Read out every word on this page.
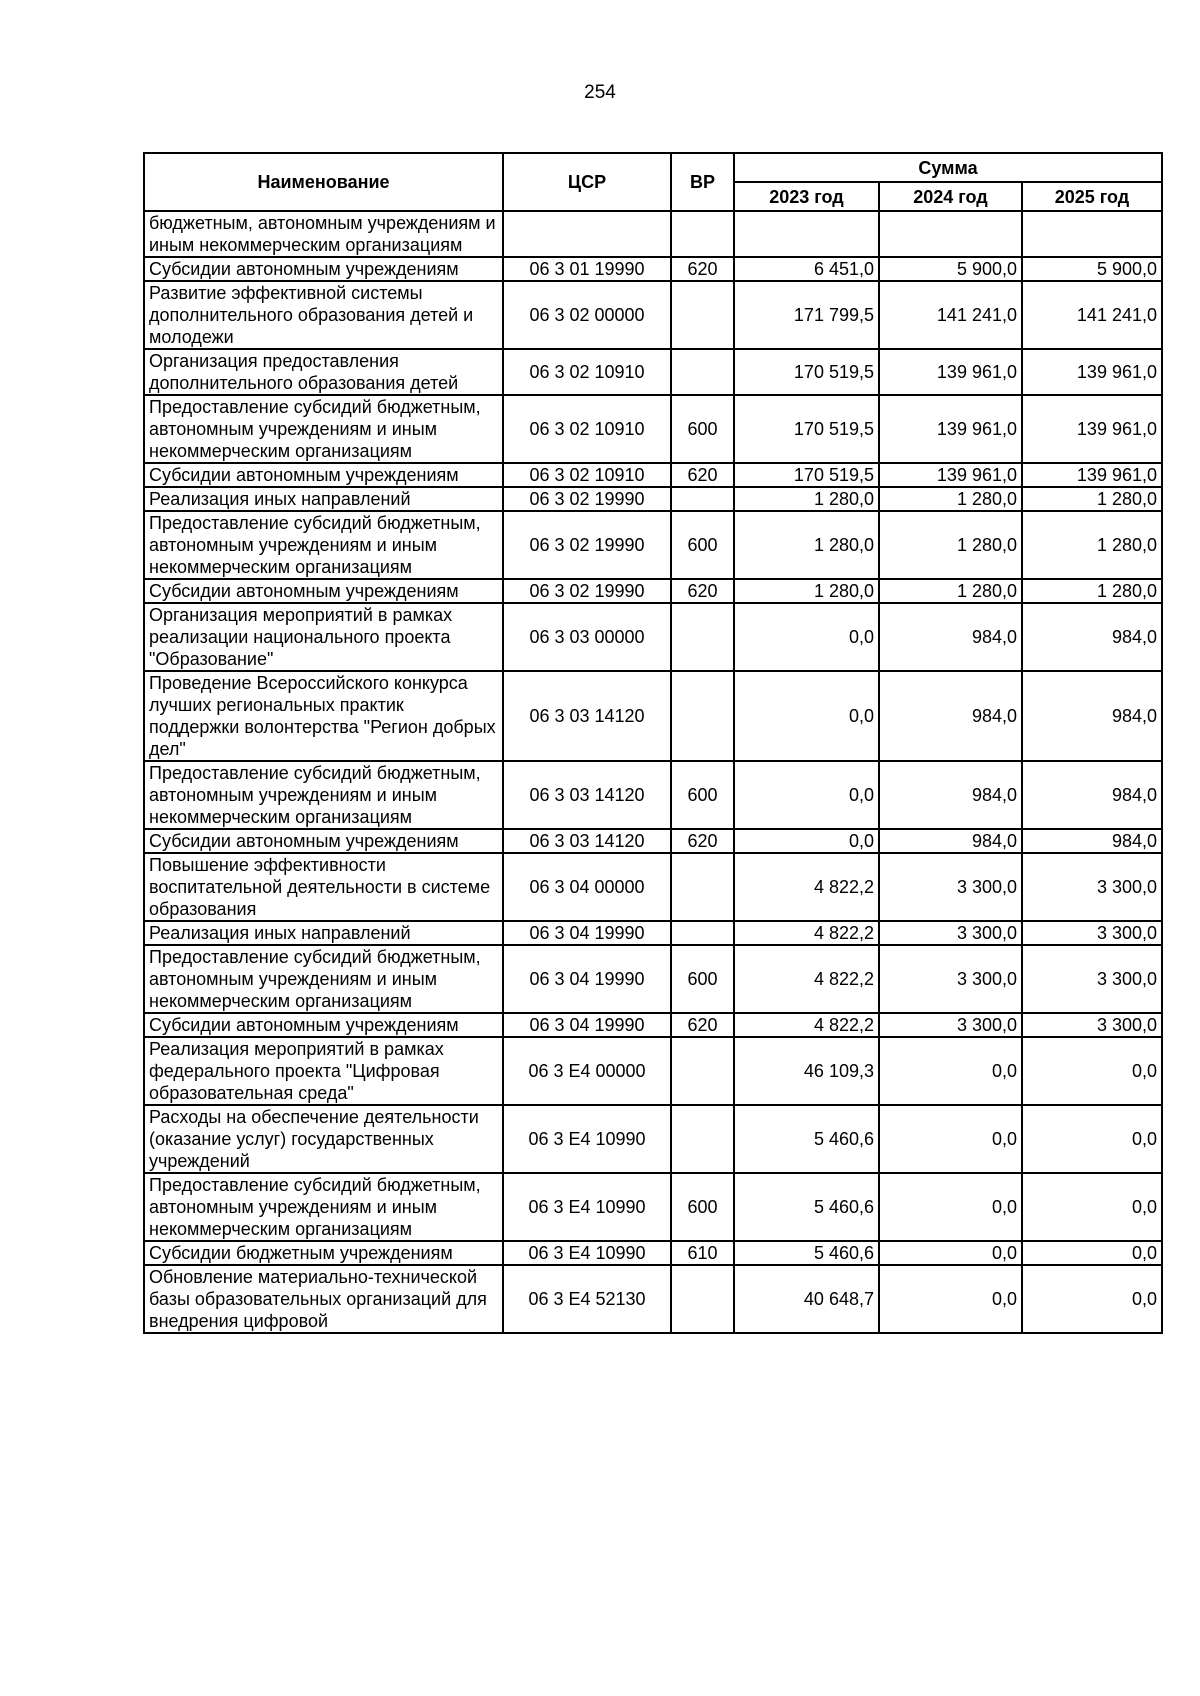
254
Наименование	ЦСР	ВР	Сумма		
			2023 год	2024 год	2025 год
бюджетным, автономным учреждениям и иным некоммерческим организациям					
Субсидии автономным учреждениям	06 3 01 19990	620	6 451,0	5 900,0	5 900,0
Развитие эффективной системы дополнительного образования детей и молодежи	06 3 02 00000		171 799,5	141 241,0	141 241,0
Организация предоставления дополнительного образования детей	06 3 02 10910		170 519,5	139 961,0	139 961,0
Предоставление субсидий бюджетным, автономным учреждениям и иным некоммерческим организациям	06 3 02 10910	600	170 519,5	139 961,0	139 961,0
Субсидии автономным учреждениям	06 3 02 10910	620	170 519,5	139 961,0	139 961,0
Реализация иных направлений	06 3 02 19990		1 280,0	1 280,0	1 280,0
Предоставление субсидий бюджетным, автономным учреждениям и иным некоммерческим организациям	06 3 02 19990	600	1 280,0	1 280,0	1 280,0
Субсидии автономным учреждениям	06 3 02 19990	620	1 280,0	1 280,0	1 280,0
Организация мероприятий в рамках реализации национального проекта "Образование"	06 3 03 00000		0,0	984,0	984,0
Проведение Всероссийского конкурса лучших региональных практик поддержки волонтерства "Регион добрых дел"	06 3 03 14120		0,0	984,0	984,0
Предоставление субсидий бюджетным, автономным учреждениям и иным некоммерческим организациям	06 3 03 14120	600	0,0	984,0	984,0
Субсидии автономным учреждениям	06 3 03 14120	620	0,0	984,0	984,0
Повышение эффективности воспитательной деятельности в системе образования	06 3 04 00000		4 822,2	3 300,0	3 300,0
Реализация иных направлений	06 3 04 19990		4 822,2	3 300,0	3 300,0
Предоставление субсидий бюджетным, автономным учреждениям и иным некоммерческим организациям	06 3 04 19990	600	4 822,2	3 300,0	3 300,0
Субсидии автономным учреждениям	06 3 04 19990	620	4 822,2	3 300,0	3 300,0
Реализация мероприятий в рамках федерального проекта "Цифровая образовательная среда"	06 3 E4 00000		46 109,3	0,0	0,0
Расходы на обеспечение деятельности (оказание услуг) государственных учреждений	06 3 E4 10990		5 460,6	0,0	0,0
Предоставление субсидий бюджетным, автономным учреждениям и иным некоммерческим организациям	06 3 E4 10990	600	5 460,6	0,0	0,0
Субсидии бюджетным учреждениям	06 3 E4 10990	610	5 460,6	0,0	0,0
Обновление материально-технической базы образовательных организаций для внедрения цифровой	06 3 E4 52130		40 648,7	0,0	0,0
